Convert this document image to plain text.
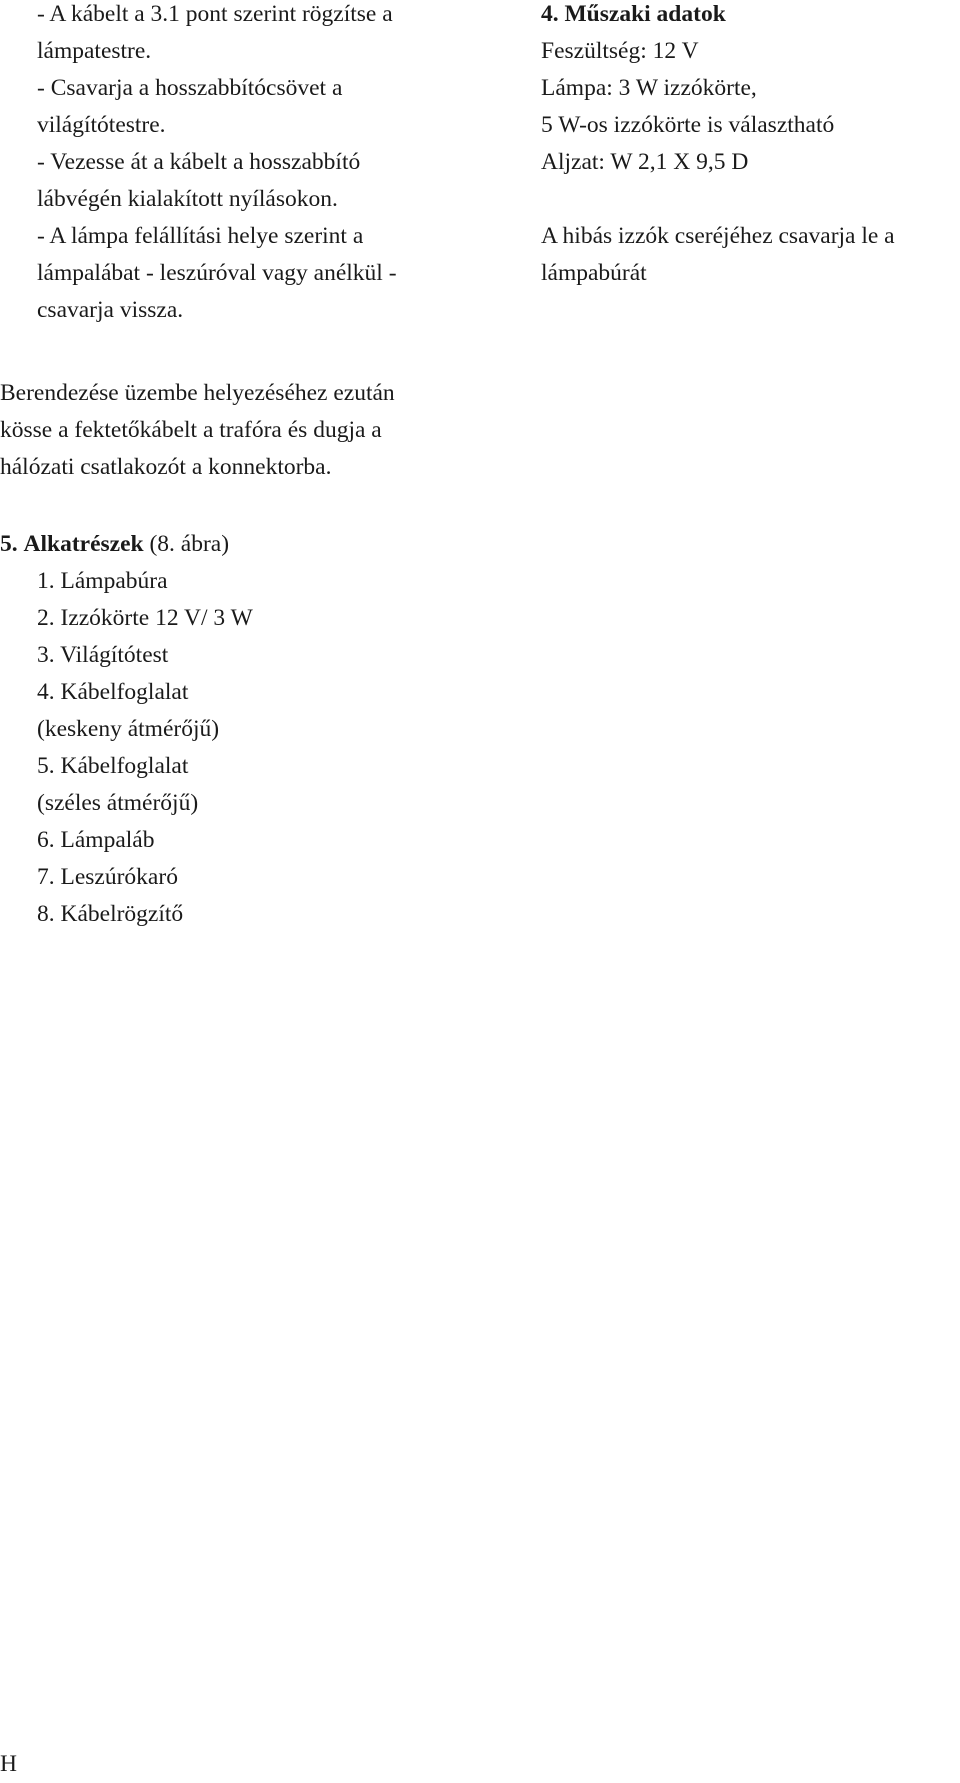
- A kábelt a 3.1 pont szerint rögzítse a
lámpatestre.
- Csavarja a hosszabbítócsövet a
világítótestre.
- Vezesse át a kábelt a hosszabbító
lábvégén kialakított nyílásokon.
- A lámpa felállítási helye szerint a
lámpalábat - leszúróval vagy anélkül -
csavarja vissza.
4. Műszaki adatok
Feszültség: 12 V
Lámpa: 3 W izzókörte,
5 W-os izzókörte is választható
Aljzat: W 2,1 X 9,5 D
A hibás izzók cseréjéhez csavarja le a
lámpabúrát
Berendezése üzembe helyezéséhez ezután
kösse a fektetőkábelt a trafóra és dugja a
hálózati csatlakozót a konnektorba.
5. Alkatrészek (8. ábra)
1. Lámpabúra
2. Izzókörte 12 V/ 3 W
3. Világítótest
4. Kábelfoglalat
(keskeny átmérőjű)
5. Kábelfoglalat
(széles átmérőjű)
6. Lámpaláb
7. Leszúrókaró
8. Kábelrögzítő
H
